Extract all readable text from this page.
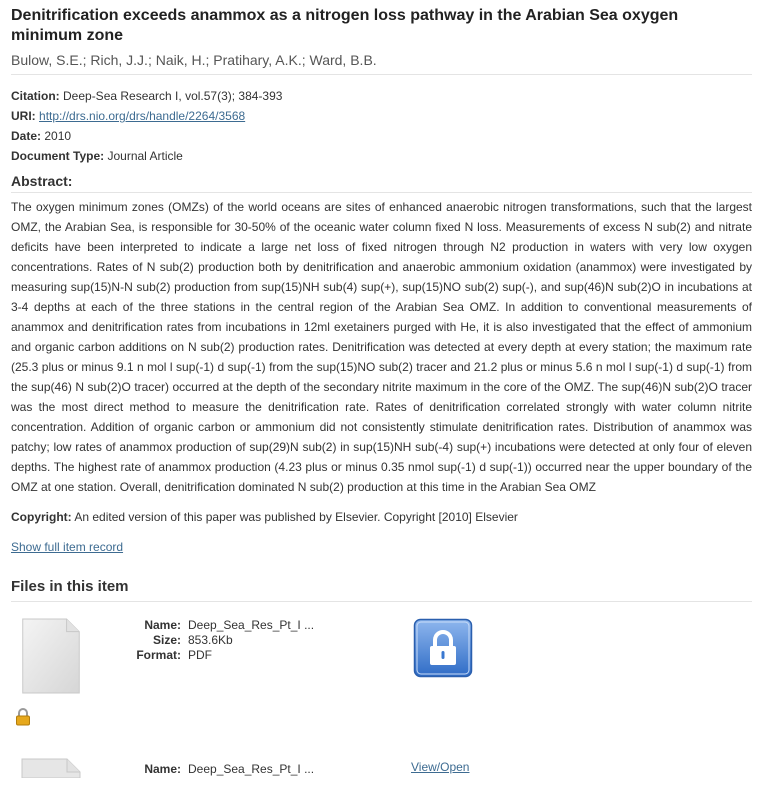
Denitrification exceeds anammox as a nitrogen loss pathway in the Arabian Sea oxygen minimum zone
Bulow, S.E.; Rich, J.J.; Naik, H.; Pratihary, A.K.; Ward, B.B.
Citation: Deep-Sea Research I, vol.57(3); 384-393
URI: http://drs.nio.org/drs/handle/2264/3568
Date: 2010
Document Type: Journal Article
Abstract:
The oxygen minimum zones (OMZs) of the world oceans are sites of enhanced anaerobic nitrogen transformations, such that the largest OMZ, the Arabian Sea, is responsible for 30-50% of the oceanic water column fixed N loss. Measurements of excess N sub(2) and nitrate deficits have been interpreted to indicate a large net loss of fixed nitrogen through N2 production in waters with very low oxygen concentrations. Rates of N sub(2) production both by denitrification and anaerobic ammonium oxidation (anammox) were investigated by measuring sup(15)N-N sub(2) production from sup(15)NH sub(4) sup(+), sup(15)NO sub(2) sup(-), and sup(46)N sub(2)O in incubations at 3-4 depths at each of the three stations in the central region of the Arabian Sea OMZ. In addition to conventional measurements of anammox and denitrification rates from incubations in 12ml exetainers purged with He, it is also investigated that the effect of ammonium and organic carbon additions on N sub(2) production rates. Denitrification was detected at every depth at every station; the maximum rate (25.3 plus or minus 9.1 n mol l sup(-1) d sup(-1) from the sup(15)NO sub(2) tracer and 21.2 plus or minus 5.6 n mol l sup(-1) d sup(-1) from the sup(46) N sub(2)O tracer) occurred at the depth of the secondary nitrite maximum in the core of the OMZ. The sup(46)N sub(2)O tracer was the most direct method to measure the denitrification rate. Rates of denitrification correlated strongly with water column nitrite concentration. Addition of organic carbon or ammonium did not consistently stimulate denitrification rates. Distribution of anammox was patchy; low rates of anammox production of sup(29)N sub(2) in sup(15)NH sub(-4) sup(+) incubations were detected at only four of eleven depths. The highest rate of anammox production (4.23 plus or minus 0.35 nmol sup(-1) d sup(-1)) occurred near the upper boundary of the OMZ at one station. Overall, denitrification dominated N sub(2) production at this time in the Arabian Sea OMZ
Copyright: An edited version of this paper was published by Elsevier. Copyright [2010] Elsevier
Show full item record
Files in this item
Name: Deep_Sea_Res_Pt_I ...
Size: 853.6Kb
Format: PDF
Name: Deep_Sea_Res_Pt_I ...	View/Open
